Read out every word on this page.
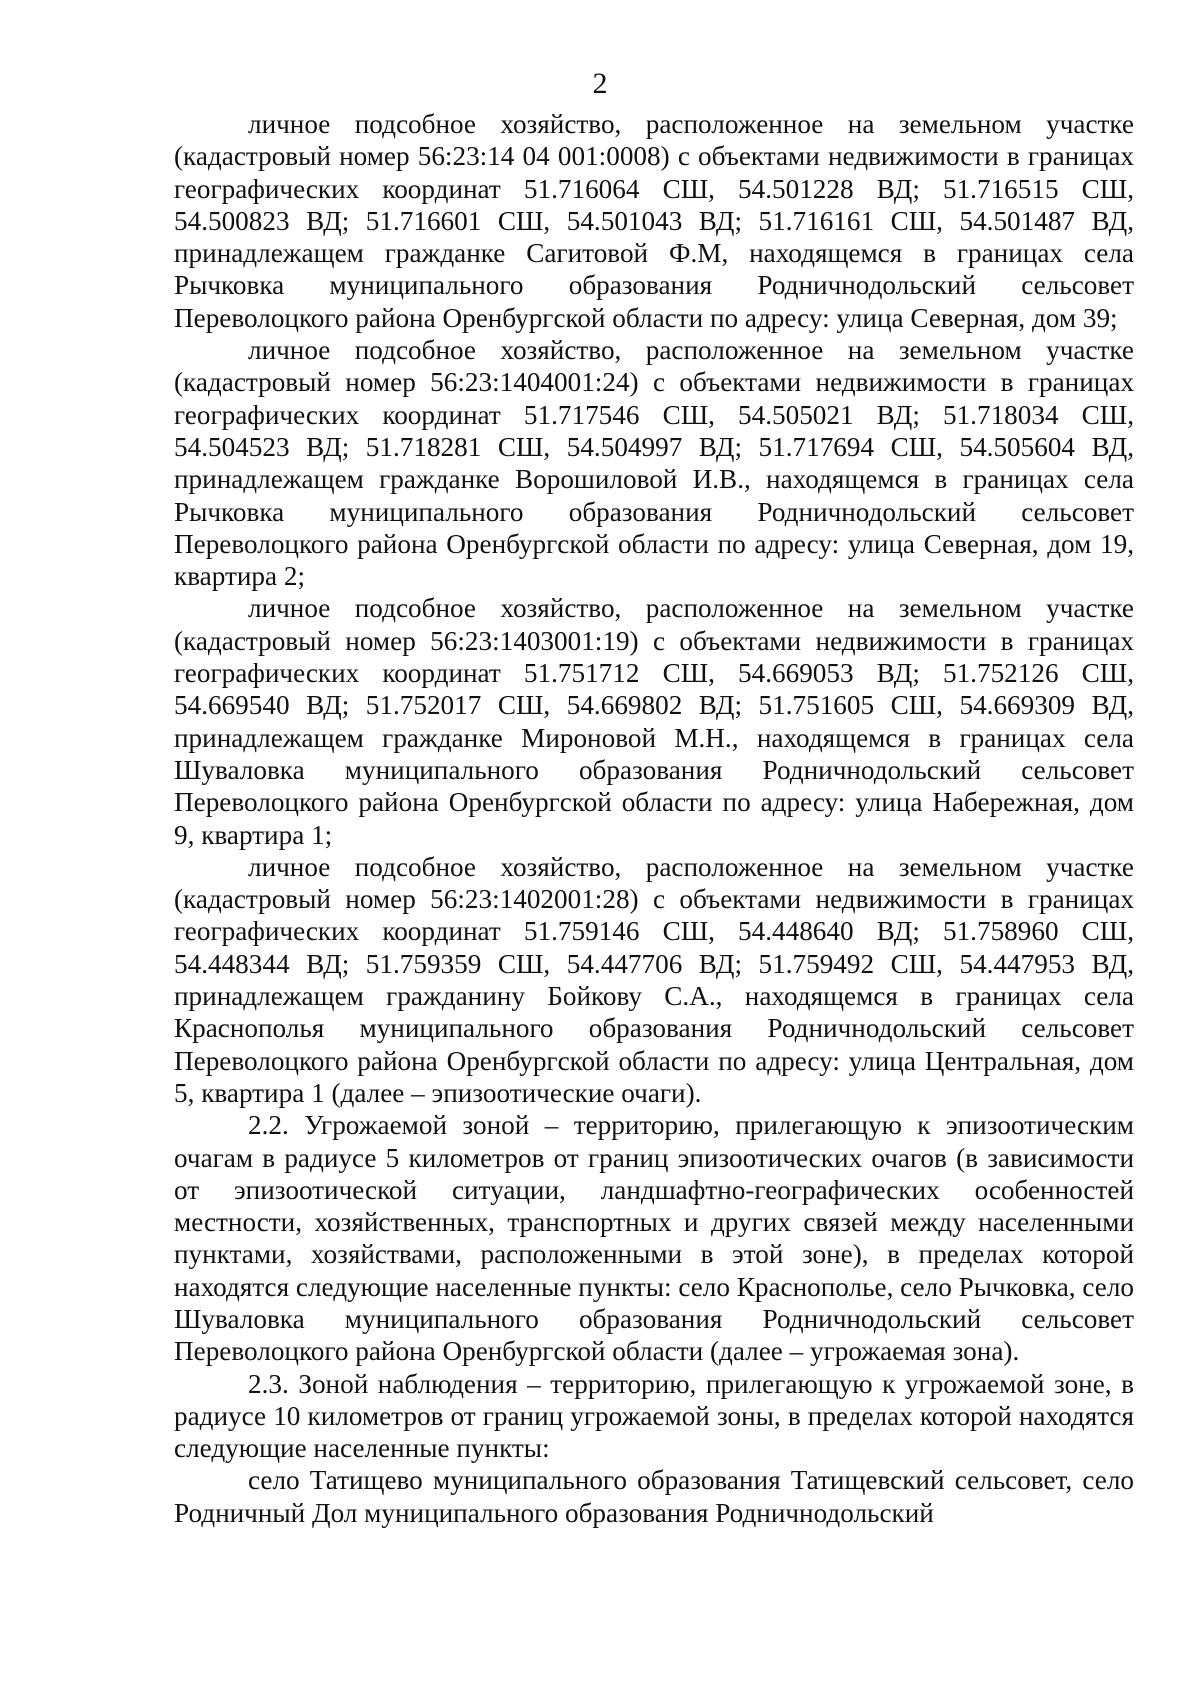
2

личное подсобное хозяйство, расположенное на земельном участке (кадастровый номер 56:23:14 04 001:0008) с объектами недвижимости в границах географических координат 51.716064 СШ, 54.501228 ВД; 51.716515 СШ, 54.500823 ВД; 51.716601 СШ, 54.501043 ВД; 51.716161 СШ, 54.501487 ВД, принадлежащем гражданке Сагитовой Ф.М, находящемся в границах села Рычковка муниципального образования Родничнодольский сельсовет Переволоцкого района Оренбургской области по адресу: улица Северная, дом 39;

личное подсобное хозяйство, расположенное на земельном участке (кадастровый номер 56:23:1404001:24) с объектами недвижимости в границах географических координат 51.717546 СШ, 54.505021 ВД; 51.718034 СШ, 54.504523 ВД; 51.718281 СШ, 54.504997 ВД; 51.717694 СШ, 54.505604 ВД, принадлежащем гражданке Ворошиловой И.В., находящемся в границах села Рычковка муниципального образования Родничнодольский сельсовет Переволоцкого района Оренбургской области по адресу: улица Северная, дом 19, квартира 2;

личное подсобное хозяйство, расположенное на земельном участке (кадастровый номер 56:23:1403001:19) с объектами недвижимости в границах географических координат 51.751712 СШ, 54.669053 ВД; 51.752126 СШ, 54.669540 ВД; 51.752017 СШ, 54.669802 ВД; 51.751605 СШ, 54.669309 ВД, принадлежащем гражданке Мироновой М.Н., находящемся в границах села Шуваловка муниципального образования Родничнодольский сельсовет Переволоцкого района Оренбургской области по адресу: улица Набережная, дом 9, квартира 1;

личное подсобное хозяйство, расположенное на земельном участке (кадастровый номер 56:23:1402001:28) с объектами недвижимости в границах географических координат 51.759146 СШ, 54.448640 ВД; 51.758960 СШ, 54.448344 ВД; 51.759359 СШ, 54.447706 ВД; 51.759492 СШ, 54.447953 ВД, принадлежащем гражданину Бойкову С.А., находящемся в границах села Краснополья муниципального образования Родничнодольский сельсовет Переволоцкого района Оренбургской области по адресу: улица Центральная, дом 5, квартира 1 (далее – эпизоотические очаги).

2.2. Угрожаемой зоной – территорию, прилегающую к эпизоотическим очагам в радиусе 5 километров от границ эпизоотических очагов (в зависимости от эпизоотической ситуации, ландшафтно-географических особенностей местности, хозяйственных, транспортных и других связей между населенными пунктами, хозяйствами, расположенными в этой зоне), в пределах которой находятся следующие населенные пункты: село Краснополье, село Рычковка, село Шуваловка муниципального образования Родничнодольский сельсовет Переволоцкого района Оренбургской области (далее – угрожаемая зона).

2.3. Зоной наблюдения – территорию, прилегающую к угрожаемой зоне, в радиусе 10 километров от границ угрожаемой зоны, в пределах которой находятся следующие населенные пункты:

село Татищево муниципального образования Татищевский сельсовет, село Родничный Дол муниципального образования Родничнодольский
